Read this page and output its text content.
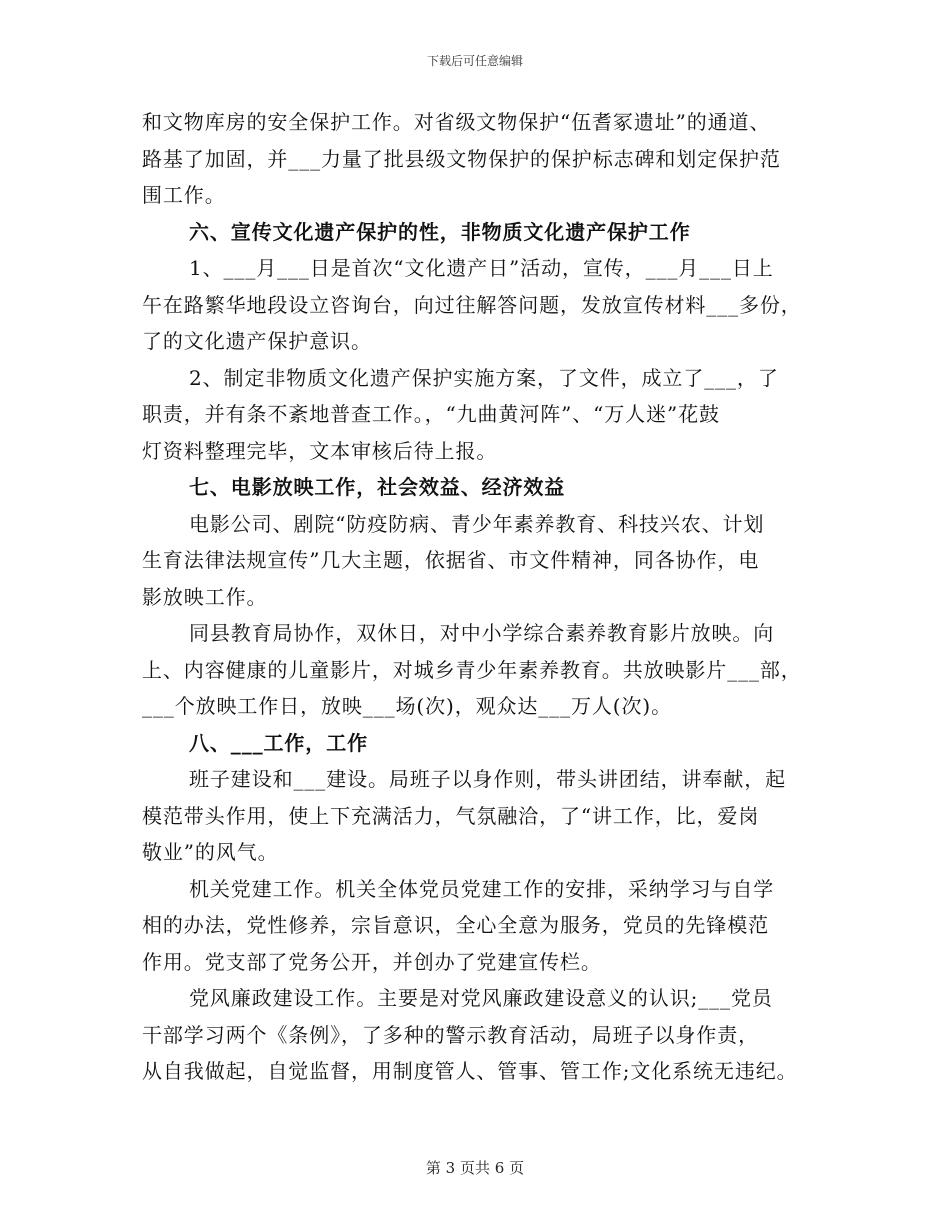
下载后可任意编辑
和文物库房的安全保护工作。对省级文物保护“伍耆冢遗址”的通道、
路基了加固，并___力量了批县级文物保护的保护标志碑和划定保护范
围工作。
六、宣传文化遗产保护的性，非物质文化遗产保护工作
1、___月___日是首次“文化遗产日”活动，宣传，___月___日上
午在路繁华地段设立咨询台，向过往解答问题，发放宣传材料___多份，
了的文化遗产保护意识。
2、制定非物质文化遗产保护实施方案，了文件，成立了___，了
职责，并有条不紊地普查工作。，“九曲黄河阵”、“万人迷”花鼓
灯资料整理完毕，文本审核后待上报。
七、电影放映工作，社会效益、经济效益
电影公司、剧院“防疫防病、青少年素养教育、科技兴农、计划
生育法律法规宣传”几大主题，依据省、市文件精神，同各协作，电
影放映工作。
同县教育局协作，双休日，对中小学综合素养教育影片放映。向
上、内容健康的儿童影片，对城乡青少年素养教育。共放映影片___部，
___个放映工作日，放映___场(次)，观众达___万人(次)。
八、___工作，工作
班子建设和___建设。局班子以身作则，带头讲团结，讲奉献，起
模范带头作用，使上下充满活力，气氛融洽，了“讲工作，比，爱岗
敬业”的风气。
机关党建工作。机关全体党员党建工作的安排，采纳学习与自学
相的办法，党性修养，宗旨意识，全心全意为服务，党员的先锋模范
作用。党支部了党务公开，并创办了党建宣传栏。
党风廉政建设工作。主要是对党风廉政建设意义的认识;___党员
干部学习两个《条例》，了多种的警示教育活动，局班子以身作责，
从自我做起，自觉监督，用制度管人、管事、管工作;文化系统无违纪。
第 3 页共 6 页
